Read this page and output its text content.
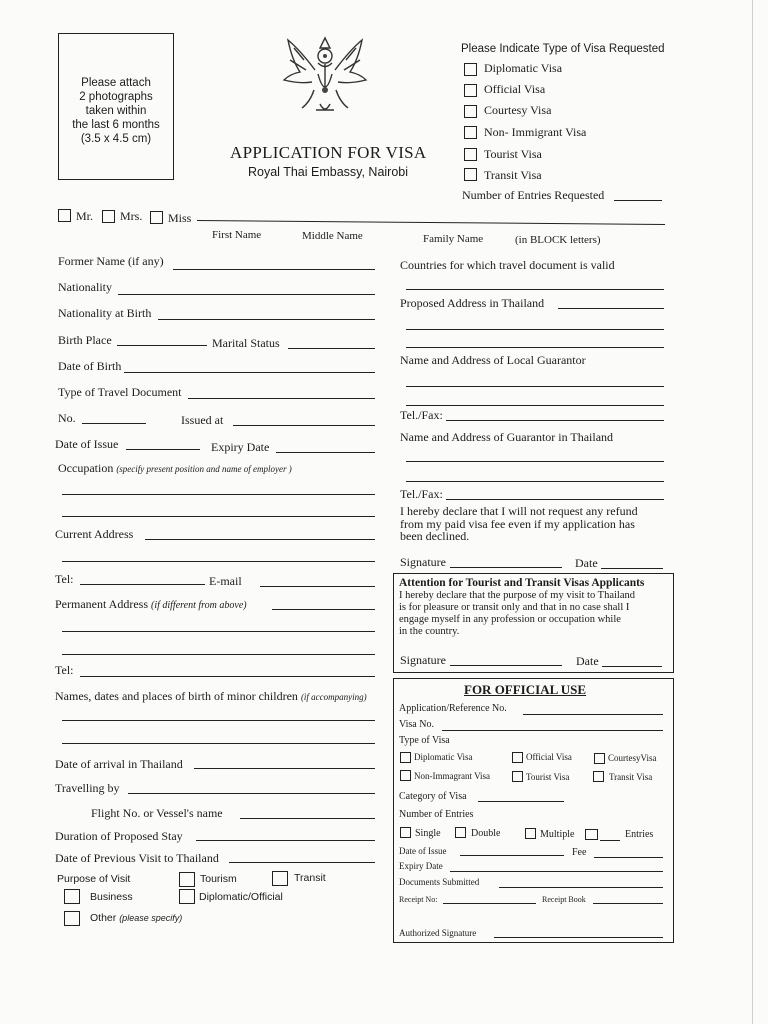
Please attach
2 photographs
taken within
the last 6 months
(3.5 x 4.5 cm)
APPLICATION FOR VISA
Royal Thai Embassy, Nairobi
Please Indicate Type of Visa Requested
Diplomatic Visa
Official Visa
Courtesy Visa
Non- Immigrant Visa
Tourist Visa
Transit Visa
Number of Entries Requested
Mr. Mrs. Miss
First Name	Middle Name	Family Name	(in BLOCK letters)
Former Name (if any)
Nationality
Nationality at Birth
Birth Place	Marital Status
Date of Birth
Type of Travel Document
No.	Issued at
Date of Issue	Expiry Date
Occupation (specify present position and name of employer )
Current Address
Tel:	E-mail
Permanent Address (if different from above)
Tel:
Names, dates and places of birth of minor children (if accompanying)
Date of arrival in Thailand
Travelling by
Flight No. or Vessel's name
Duration of Proposed Stay
Date of Previous Visit to Thailand
Purpose of Visit	Tourism	Transit
Business	Diplomatic/Official
Other (please specify)
Countries for which travel document is valid
Proposed Address in Thailand
Name and Address of Local Guarantor
Tel./Fax:
Name and Address of Guarantor in Thailand
Tel./Fax:
I hereby declare that I will not request any refund
from my paid visa fee even if my application has
been declined.
Signature	Date
Attention for Tourist and Transit Visas Applicants
I hereby declare that the purpose of my visit to Thailand
is for pleasure or transit only and that in no case shall I
engage myself in any profession or occupation while
in the country.
Signature	Date
FOR OFFICIAL USE
Application/Reference No.
Visa No.
Type of Visa
Diplomatic Visa	Official Visa	CourtesyVisa
Non-Immagrant Visa	Tourist Visa	Transit Visa
Category of Visa
Number of Entries
Single	Double	Multiple	Entries
Date of Issue	Fee
Expiry Date
Documents Submitted
Receipt No:	Receipt Book
Authorized Signature
